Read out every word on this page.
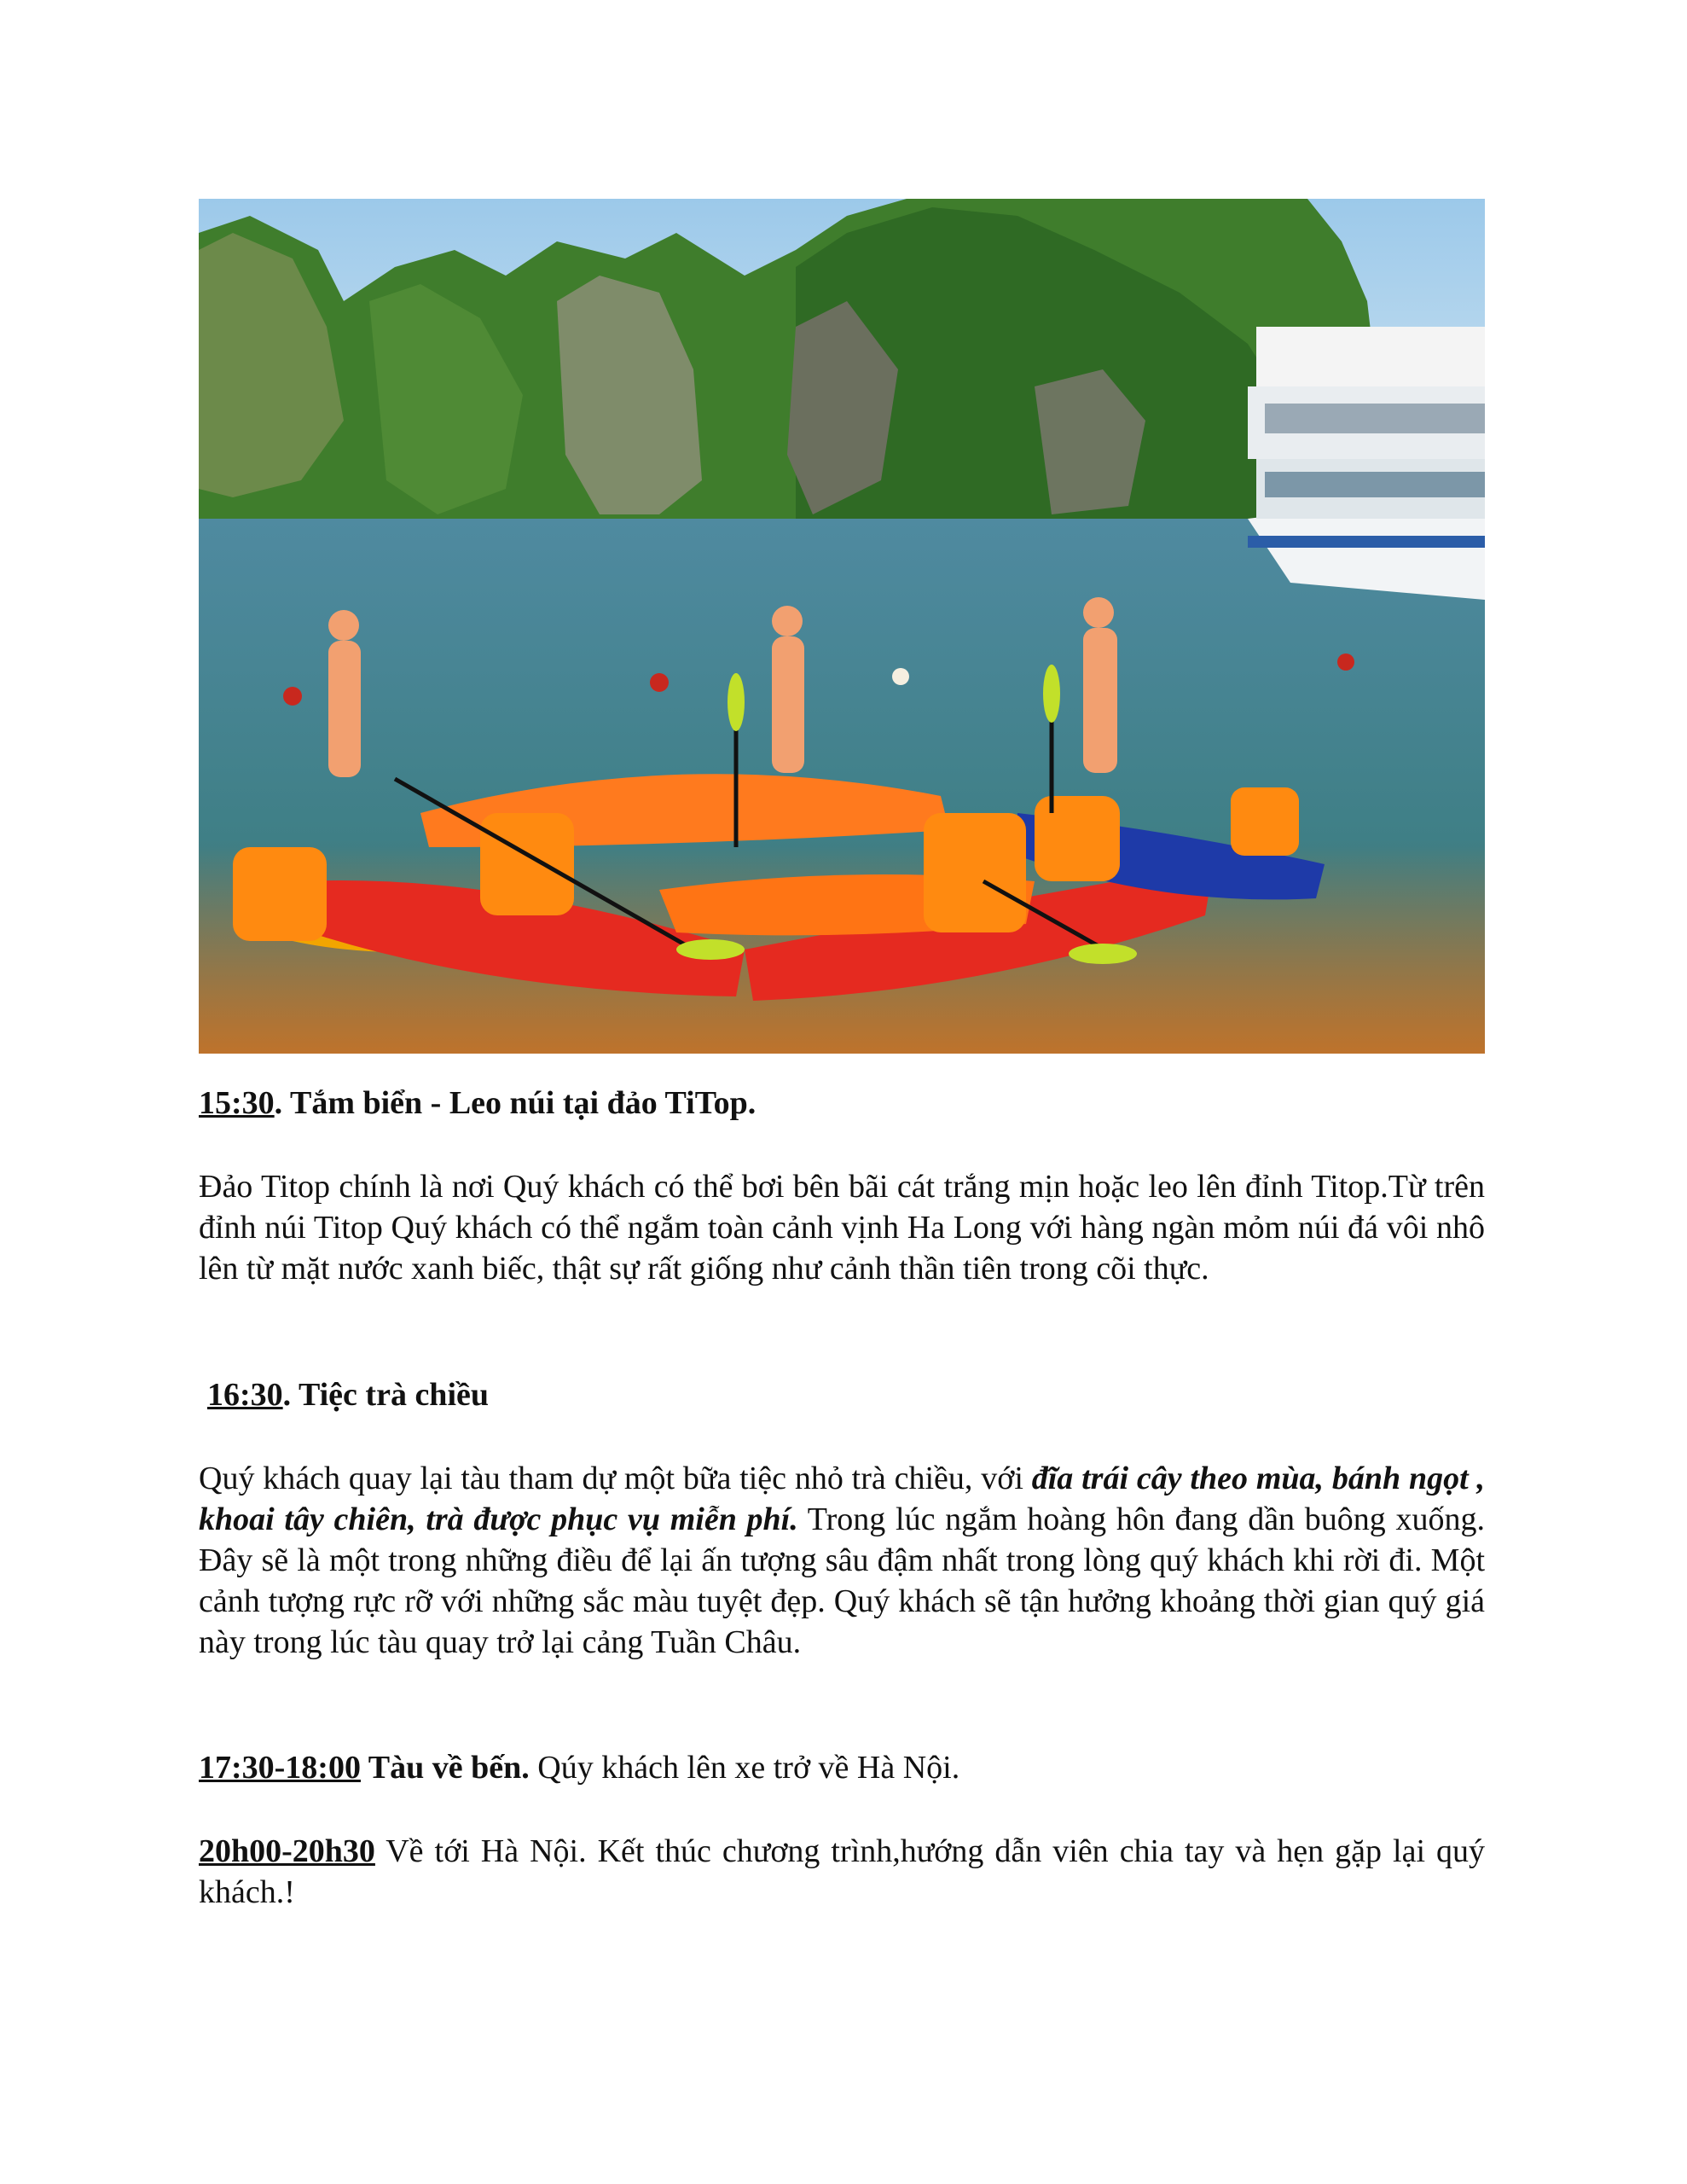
15:30. Tắm biển - Leo núi tại đảo TiTop.
Đảo Titop chính là nơi Quý khách có thể bơi bên bãi cát trắng mịn hoặc leo lên đỉnh Titop.Từ trên đỉnh núi Titop Quý khách có thể ngắm toàn cảnh vịnh Ha Long với hàng ngàn mỏm núi đá vôi nhô lên từ mặt nước xanh biếc, thật sự rất giống như cảnh thần tiên trong cõi thực.
16:30. Tiệc trà chiều
Quý khách quay lại tàu tham dự một bữa tiệc nhỏ trà chiều, với đĩa trái cây theo mùa, bánh ngọt , khoai tây chiên, trà được phục vụ miễn phí. Trong lúc ngắm hoàng hôn đang dần buông xuống. Đây sẽ là một trong những điều để lại ấn tượng sâu đậm nhất trong lòng quý khách khi rời đi. Một cảnh tượng rực rỡ với những sắc màu tuyệt đẹp. Quý khách sẽ tận hưởng khoảng thời gian quý giá này trong lúc tàu quay trở lại cảng Tuần Châu.
17:30-18:00 Tàu về bến. Qúy khách lên xe trở về Hà Nội.
20h00-20h30 Về tới Hà Nội. Kết thúc chương trình,hướng dẫn viên chia tay và hẹn gặp lại quý khách.!
